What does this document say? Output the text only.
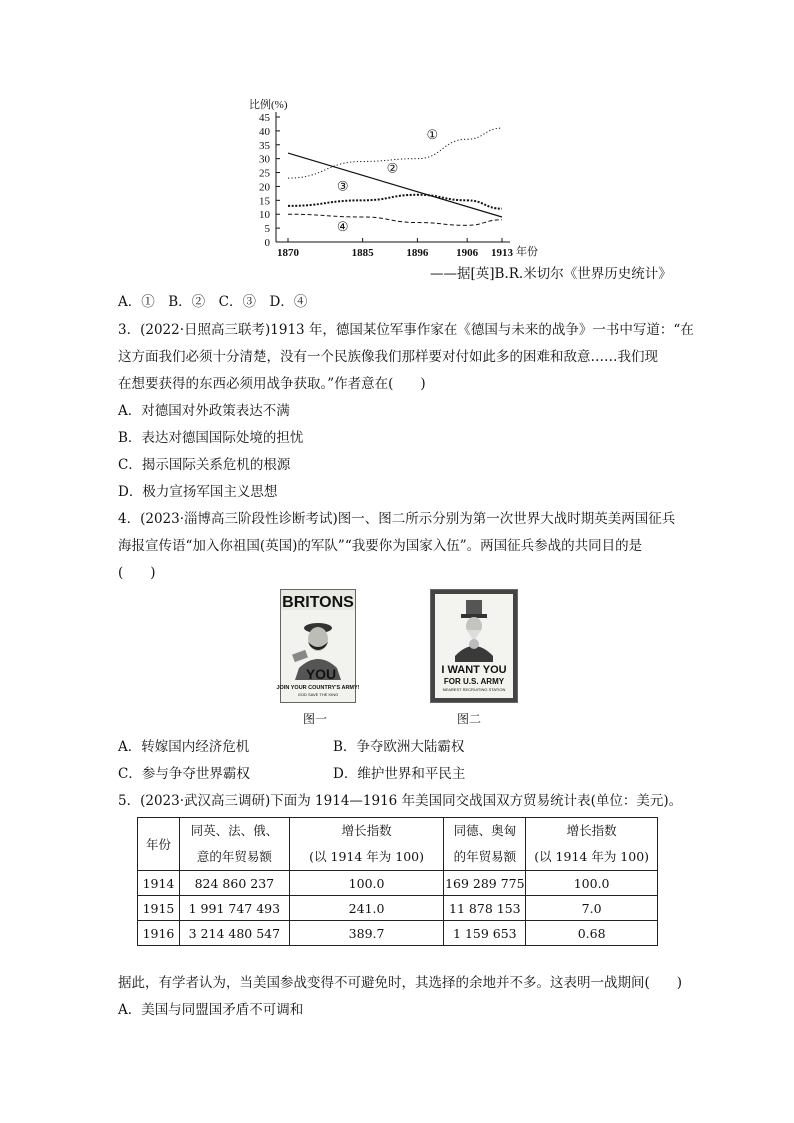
比例(%)
0
5
10
15
20
25
30
35
40
45
1870	1885	1896	1906 1913
①
②
③
④
年份
——据[英]B.R.米切尔《世界历史统计》
A．①　B．②　C．③　D．④
3．(2022·日照高三联考)1913 年，德国某位军事作家在《德国与未来的战争》一书中写道：“在
这方面我们必须十分清楚，没有一个民族像我们那样要对付如此多的困难和敌意……我们现
在想要获得的东西必须用战争获取。”作者意在(　　)
A．对德国对外政策表达不满
B．表达对德国国际处境的担忧
C．揭示国际关系危机的根源
D．极力宣扬军国主义思想
4．(2023·淄博高三阶段性诊断考试)图一、图二所示分别为第一次世界大战时期英美两国征兵
海报宣传语“加入你祖国(英国)的军队”“我要你为国家入伍”。两国征兵参战的共同目的是
(　　)
BRITONS
YOU
JOIN YOUR COUNTRY'S ARMY!
GOD SAVE THE KING
图一
I WANT YOU
FOR U.S. ARMY
NEAREST RECRUITING STATION
图二
A．转嫁国内经济危机	B．争夺欧洲大陆霸权
C．参与争夺世界霸权	D．维护世界和平民主
5．(2023·武汉高三调研)下面为 1914—1916 年美国同交战国双方贸易统计表(单位：美元)。
年份	同英、法、俄、	增长指数	同德、奥匈	增长指数
	意的年贸易额	(以 1914 年为 100)	的年贸易额	(以 1914 年为 100)
1914	824 860 237	100.0	169 289 775	100.0
1915	1 991 747 493	241.0	11 878 153	7.0
1916	3 214 480 547	389.7	1 159 653	0.68
据此，有学者认为，当美国参战变得不可避免时，其选择的余地并不多。这表明一战期间(　　)
A．美国与同盟国矛盾不可调和
